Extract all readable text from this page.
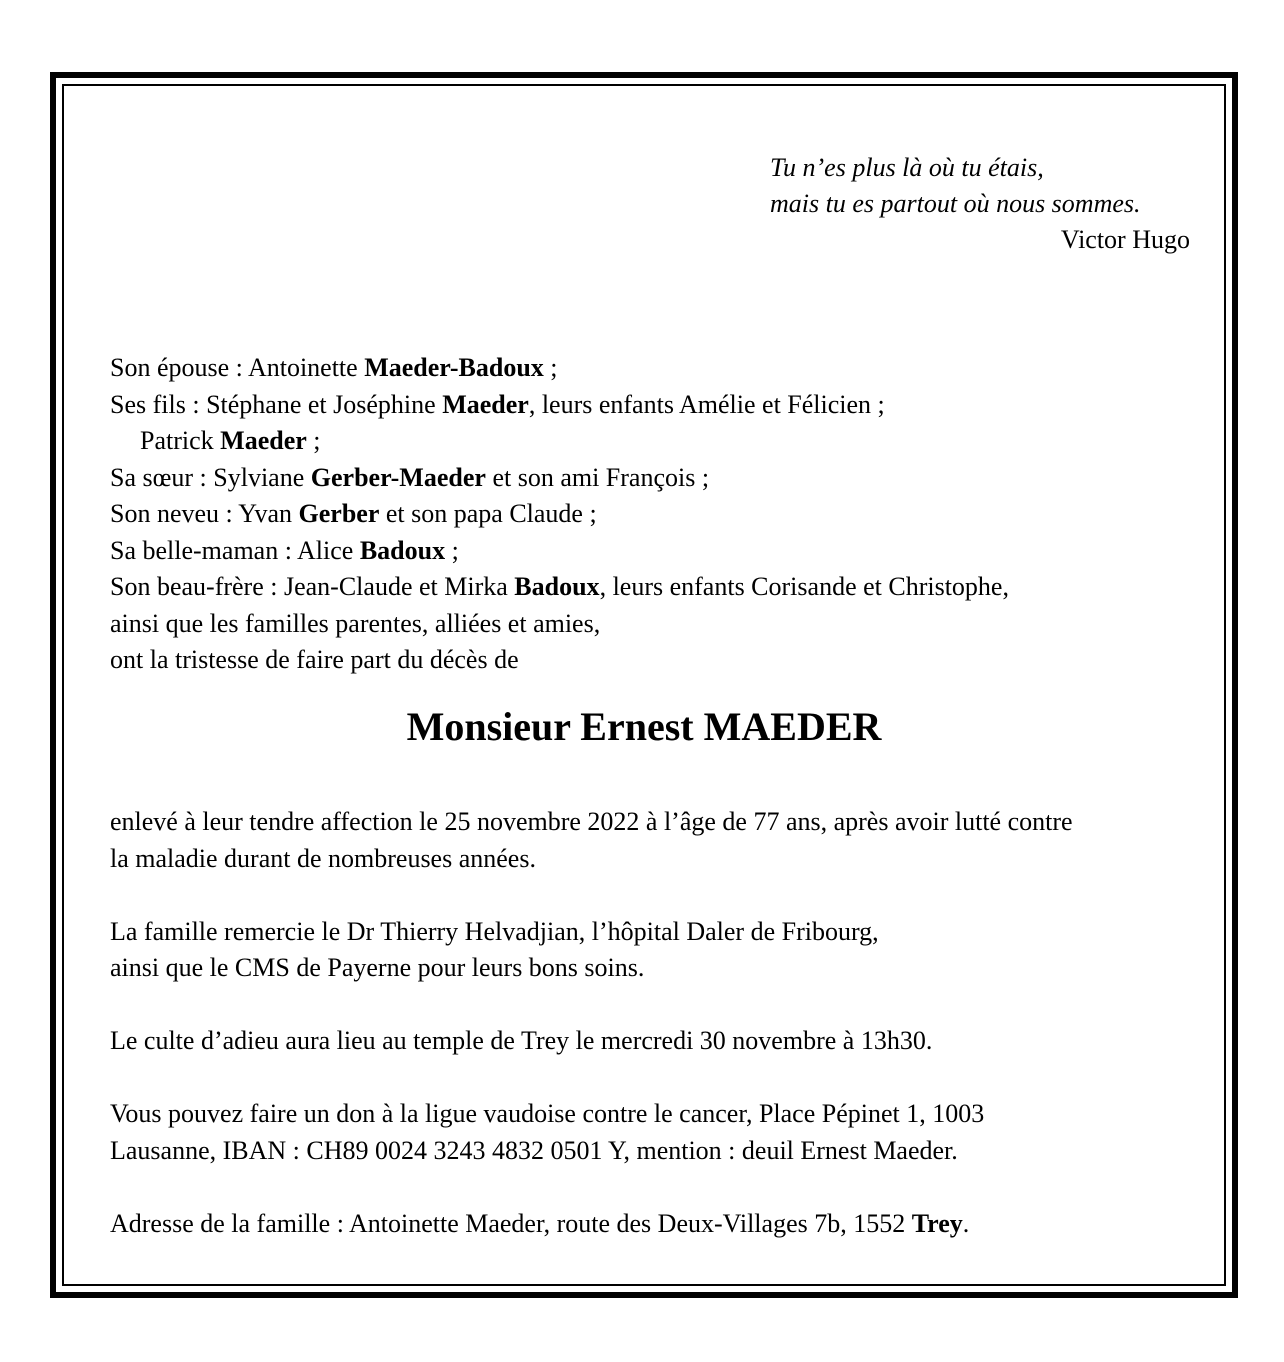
Tu n’es plus là où tu étais,
mais tu es partout où nous sommes.
Victor Hugo

Son épouse : Antoinette Maeder-Badoux ;

Ses fils : Stéphane et Joséphine Maeder, leurs enfants Amélie et Félicien ;

Patrick Maeder ;

Sa sœur : Sylviane Gerber-Maeder et son ami François ;

Son neveu : Yvan Gerber et son papa Claude ;

Sa belle-maman : Alice Badoux ;

Son beau-frère : Jean-Claude et Mirka Badoux, leurs enfants Corisande et Christophe,

ainsi que les familles parentes, alliées et amies,

ont la tristesse de faire part du décès de

Monsieur Ernest MAEDER

enlevé à leur tendre affection le 25 novembre 2022 à l’âge de 77 ans, après avoir lutté contre
la maladie durant de nombreuses années.

La famille remercie le Dr Thierry Helvadjian, l’hôpital Daler de Fribourg,
ainsi que le CMS de Payerne pour leurs bons soins.

Le culte d’adieu aura lieu au temple de Trey le mercredi 30 novembre à 13h30.

Vous pouvez faire un don à la ligue vaudoise contre le cancer, Place Pépinet 1, 1003
Lausanne, IBAN : CH89 0024 3243 4832 0501 Y, mention : deuil Ernest Maeder.

Adresse de la famille : Antoinette Maeder, route des Deux-Villages 7b, 1552 Trey.
